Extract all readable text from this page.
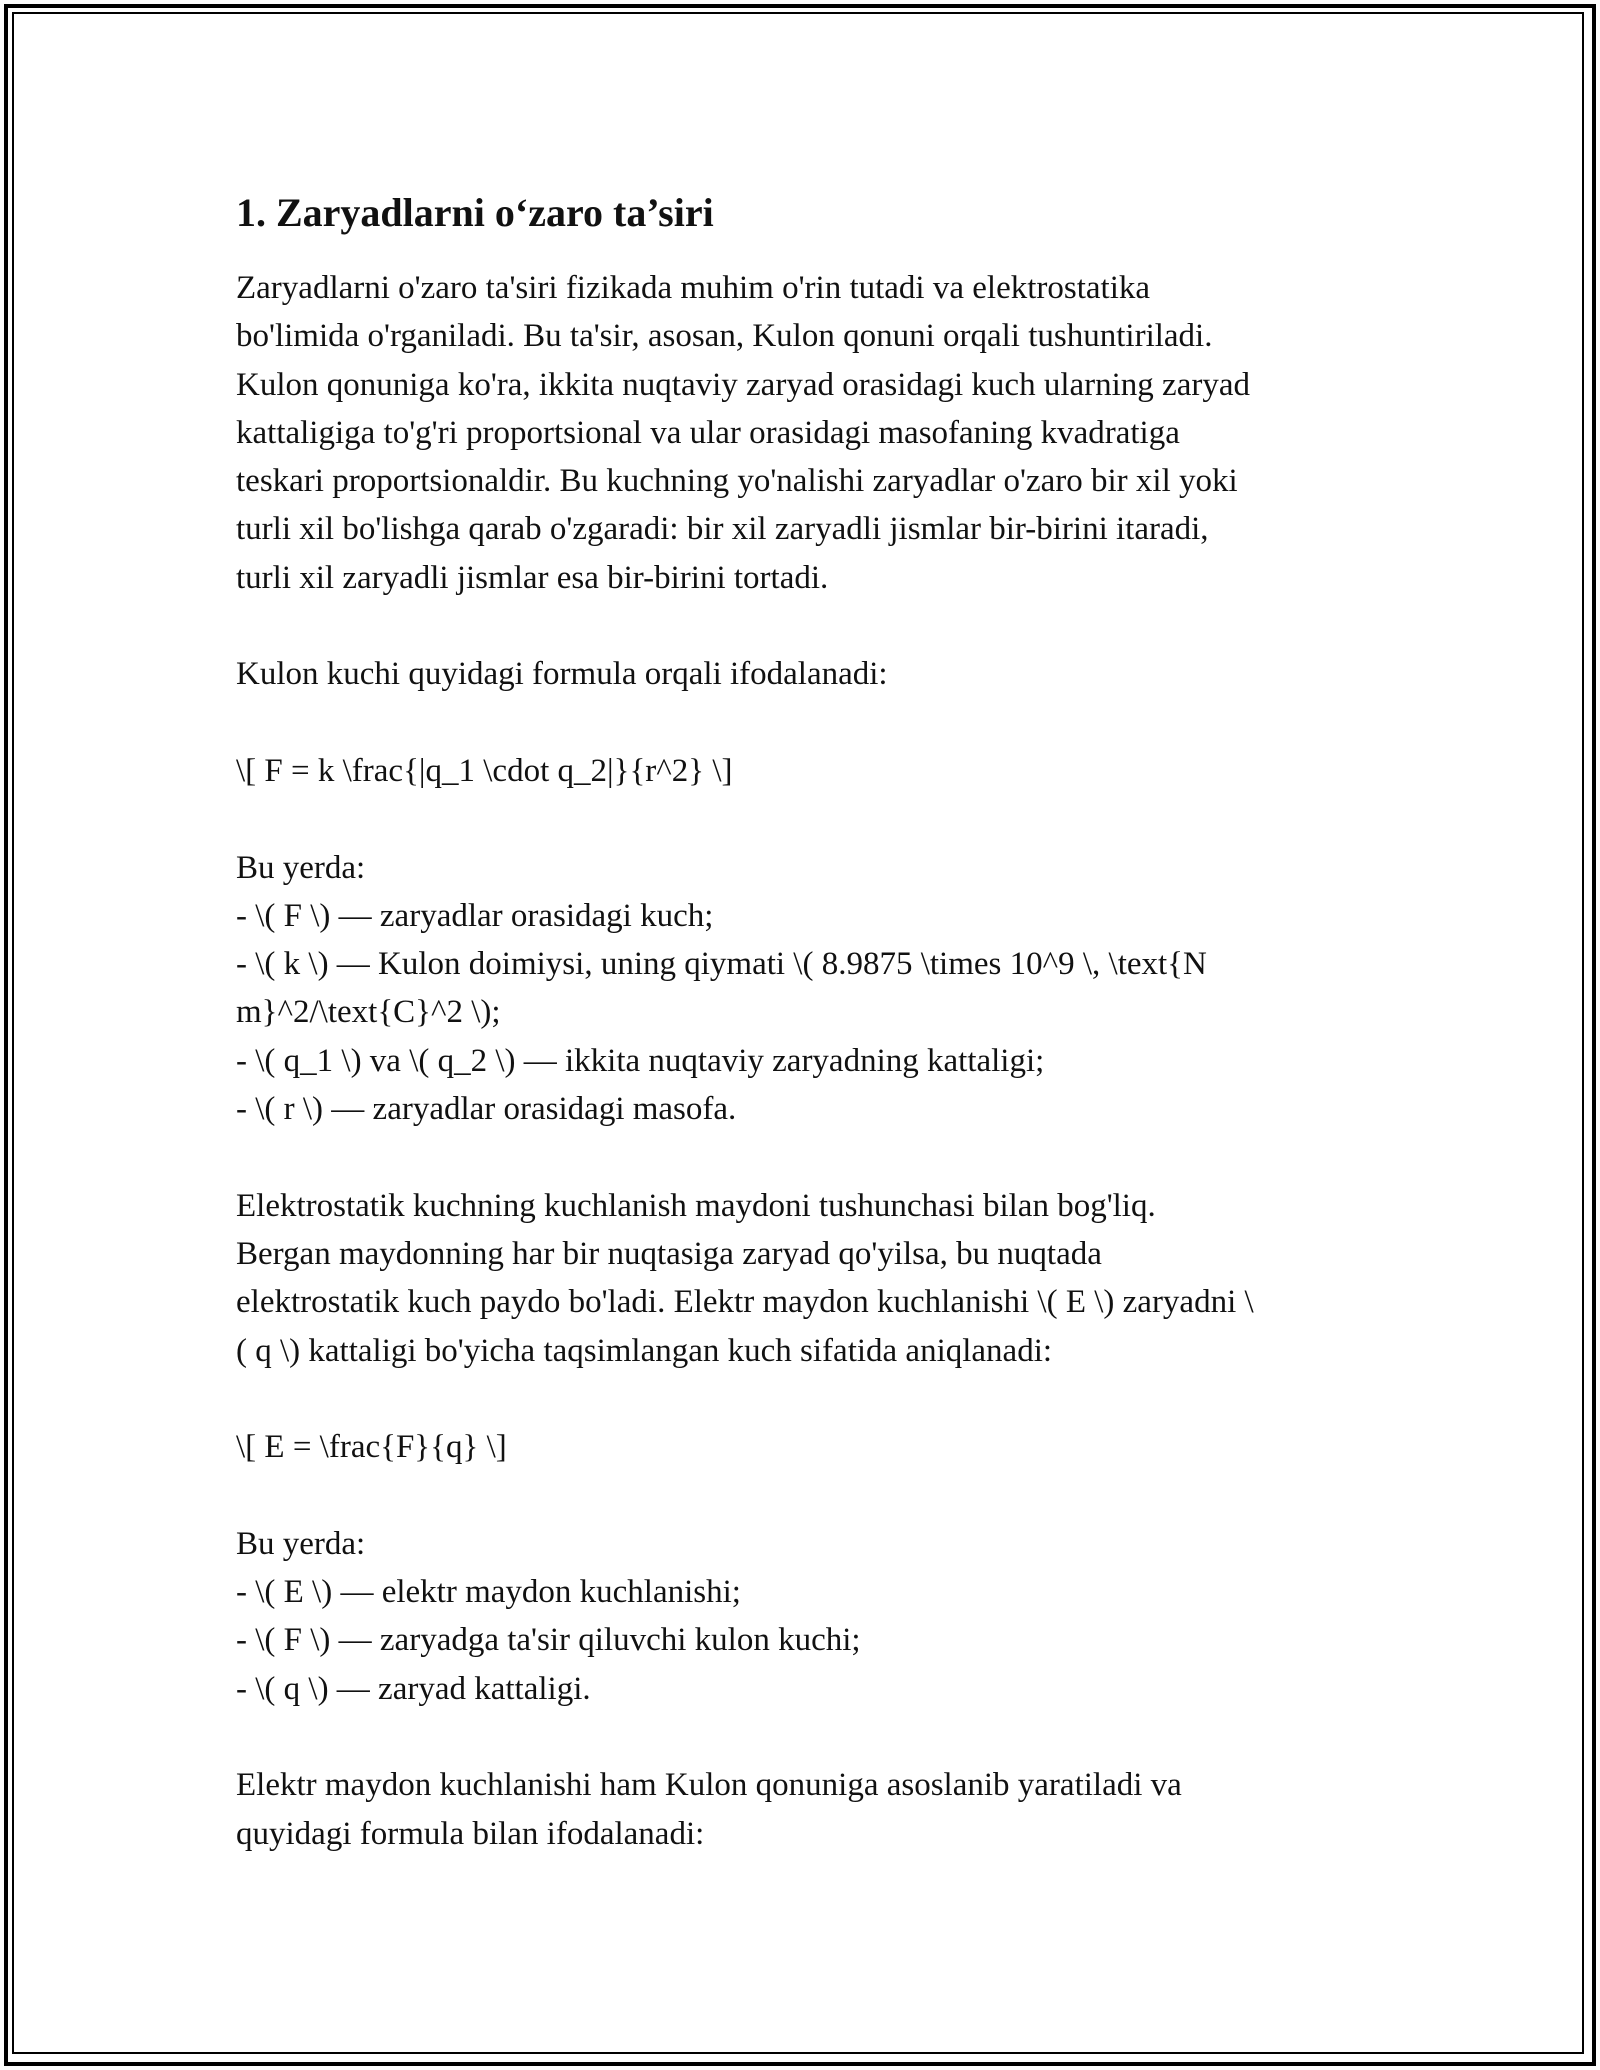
1. Zaryadlarni o‘zaro ta’siri

Zaryadlarni o'zaro ta'siri fizikada muhim o'rin tutadi va elektrostatika
bo'limida o'rganiladi. Bu ta'sir, asosan, Kulon qonuni orqali tushuntiriladi.
Kulon qonuniga ko'ra, ikkita nuqtaviy zaryad orasidagi kuch ularning zaryad
kattaligiga to'g'ri proportsional va ular orasidagi masofaning kvadratiga
teskari proportsionaldir. Bu kuchning yo'nalishi zaryadlar o'zaro bir xil yoki
turli xil bo'lishga qarab o'zgaradi: bir xil zaryadli jismlar bir-birini itaradi,
turli xil zaryadli jismlar esa bir-birini tortadi.

Kulon kuchi quyidagi formula orqali ifodalanadi:

\[ F = k \frac{|q_1 \cdot q_2|}{r^2} \]

Bu yerda:
- \( F \) — zaryadlar orasidagi kuch;
- \( k \) — Kulon doimiysi, uning qiymati \( 8.9875 \times 10^9 \, \text{N
m}^2/\text{C}^2 \);
- \( q_1 \) va \( q_2 \) — ikkita nuqtaviy zaryadning kattaligi;
- \( r \) — zaryadlar orasidagi masofa.

Elektrostatik kuchning kuchlanish maydoni tushunchasi bilan bog'liq.
Bergan maydonning har bir nuqtasiga zaryad qo'yilsa, bu nuqtada
elektrostatik kuch paydo bo'ladi. Elektr maydon kuchlanishi \( E \) zaryadni \
( q \) kattaligi bo'yicha taqsimlangan kuch sifatida aniqlanadi:

\[ E = \frac{F}{q} \]

Bu yerda:
- \( E \) — elektr maydon kuchlanishi;
- \( F \) — zaryadga ta'sir qiluvchi kulon kuchi;
- \( q \) — zaryad kattaligi.

Elektr maydon kuchlanishi ham Kulon qonuniga asoslanib yaratiladi va
quyidagi formula bilan ifodalanadi:
